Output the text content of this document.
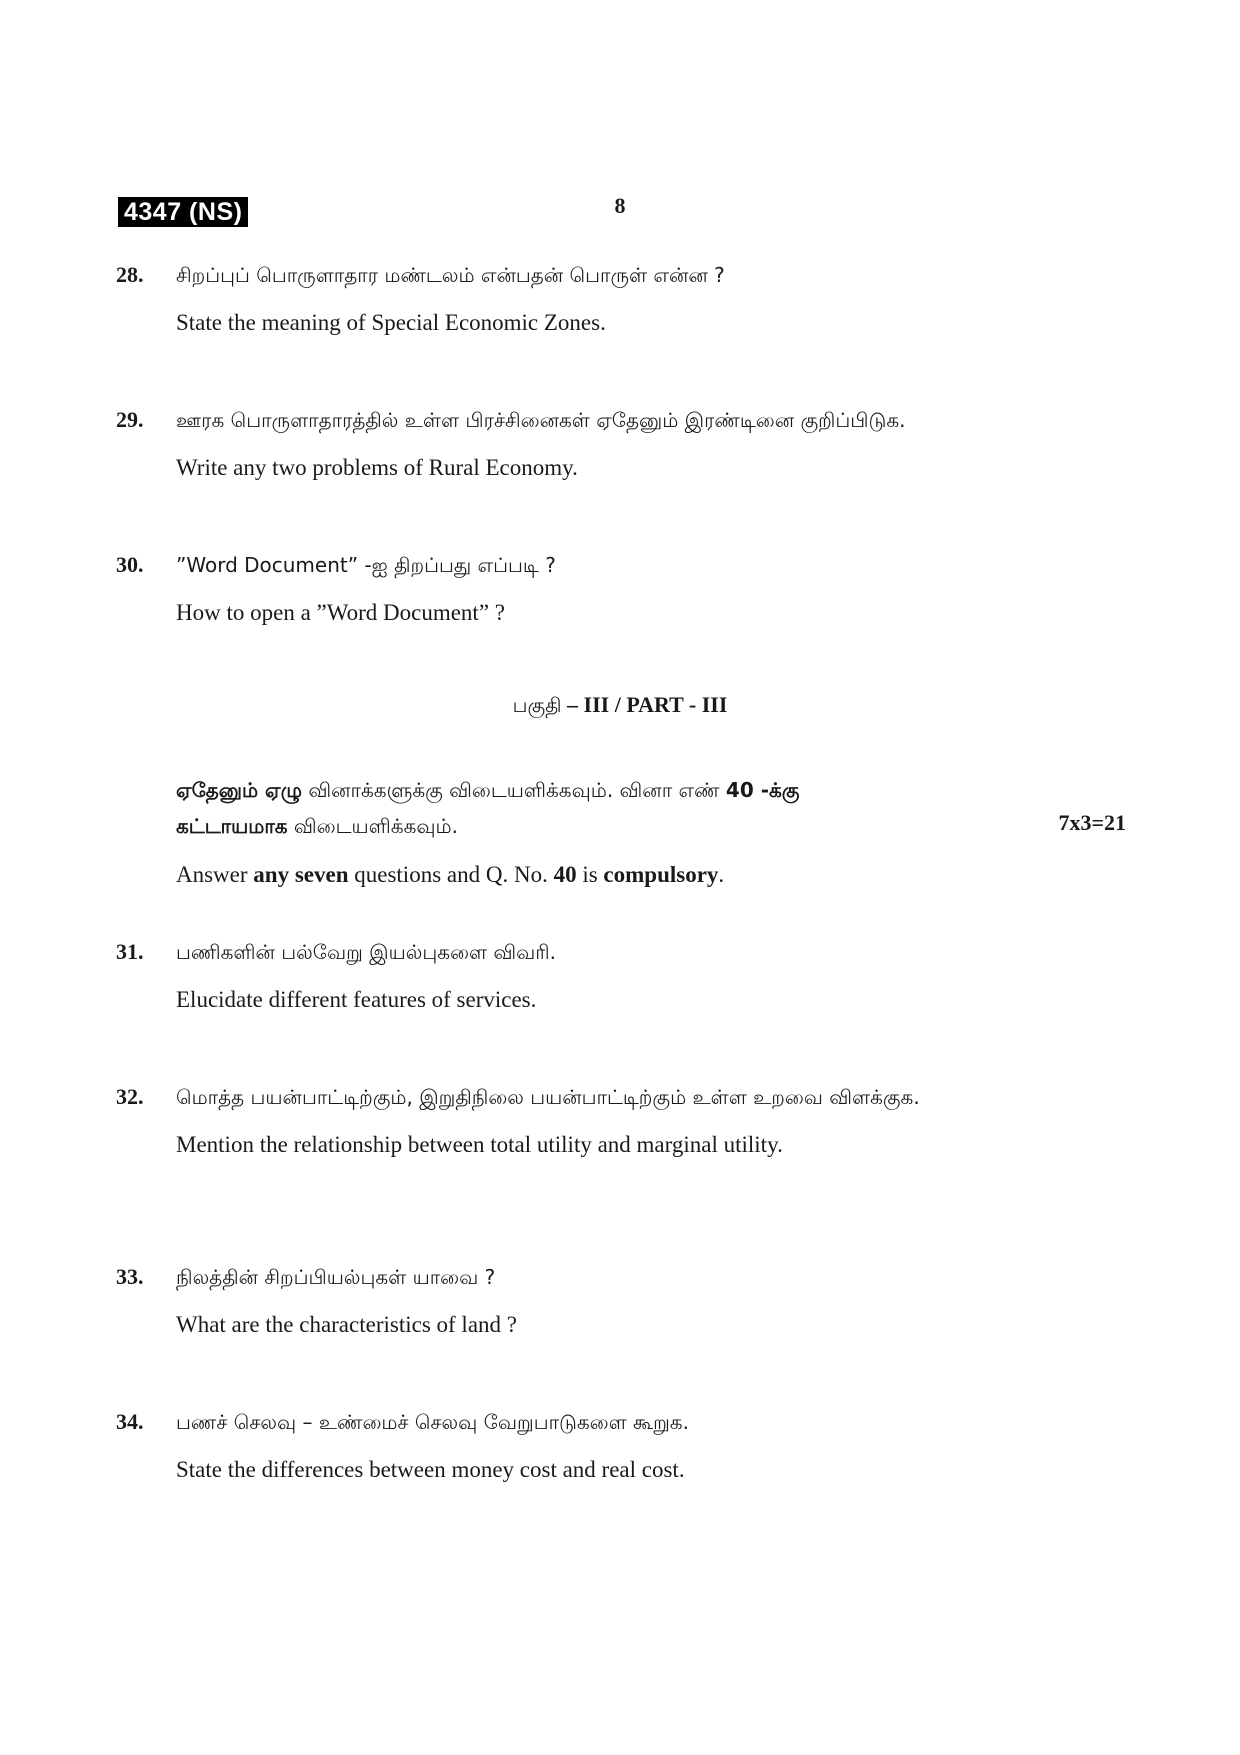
4347 (NS)	8
28. சிறப்புப் பொருளாதார மண்டலம் என்பதன் பொருள் என்ன ?
State the meaning of Special Economic Zones.
29. ஊரக பொருளாதாரத்தில் உள்ள பிரச்சினைகள் ஏதேனும் இரண்டினை குறிப்பிடுக.
Write any two problems of Rural Economy.
30. ”Word Document” -ஐ திறப்பது எப்படி ?
How to open a ”Word Document” ?
பகுதி – III / PART - III
ஏதேனும் ஏழு வினாக்களுக்கு விடையளிக்கவும். வினா எண் 40 -க்கு
கட்டாயமாக விடையளிக்கவும்.	7x3=21
Answer any seven questions and Q. No. 40 is compulsory.
31. பணிகளின் பல்வேறு இயல்புகளை விவரி.
Elucidate different features of services.
32. மொத்த பயன்பாட்டிற்கும், இறுதிநிலை பயன்பாட்டிற்கும் உள்ள உறவை விளக்குக.
Mention the relationship between total utility and marginal utility.
33. நிலத்தின் சிறப்பியல்புகள் யாவை ?
What are the characteristics of land ?
34. பணச் செலவு – உண்மைச் செலவு வேறுபாடுகளை கூறுக.
State the differences between money cost and real cost.
